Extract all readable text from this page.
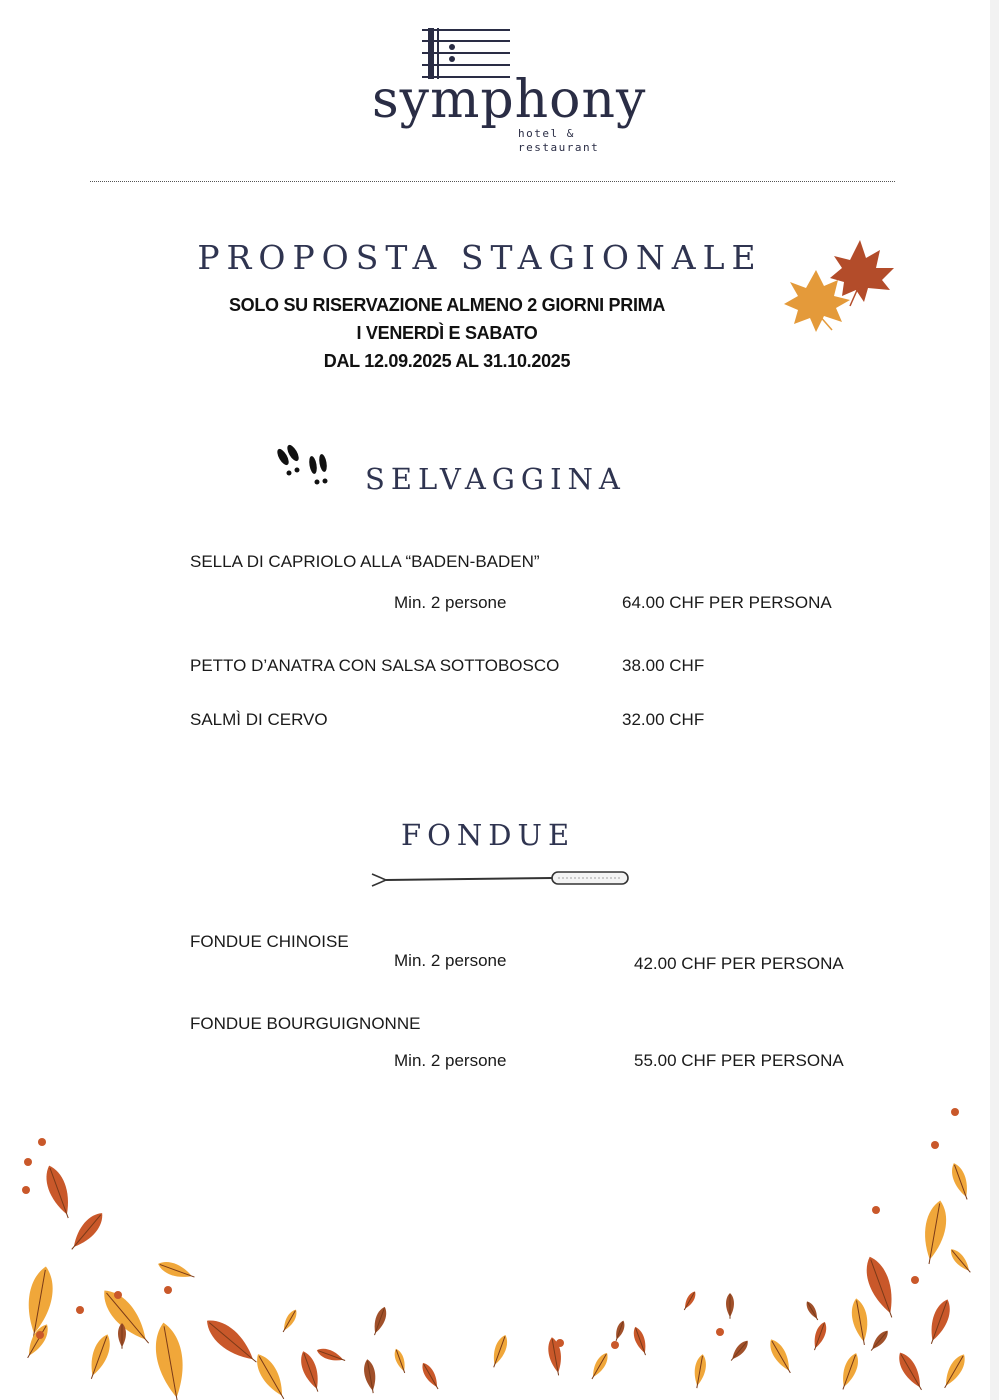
symphony
hotel &
restaurant
PROPOSTA STAGIONALE
SOLO SU RISERVAZIONE ALMENO 2 GIORNI PRIMA
I VENERDÌ E SABATO
DAL 12.09.2025 AL 31.10.2025
SELVAGGINA
SELLA DI CAPRIOLO ALLA “BADEN-BADEN”
Min. 2 persone	64.00 CHF PER PERSONA
PETTO D’ANATRA CON SALSA SOTTOBOSCO	38.00 CHF
SALMÌ DI CERVO	32.00 CHF
FONDUE
FONDUE CHINOISE
Min. 2 persone	42.00 CHF PER PERSONA
FONDUE BOURGUIGNONNE
Min. 2 persone	55.00 CHF PER PERSONA
